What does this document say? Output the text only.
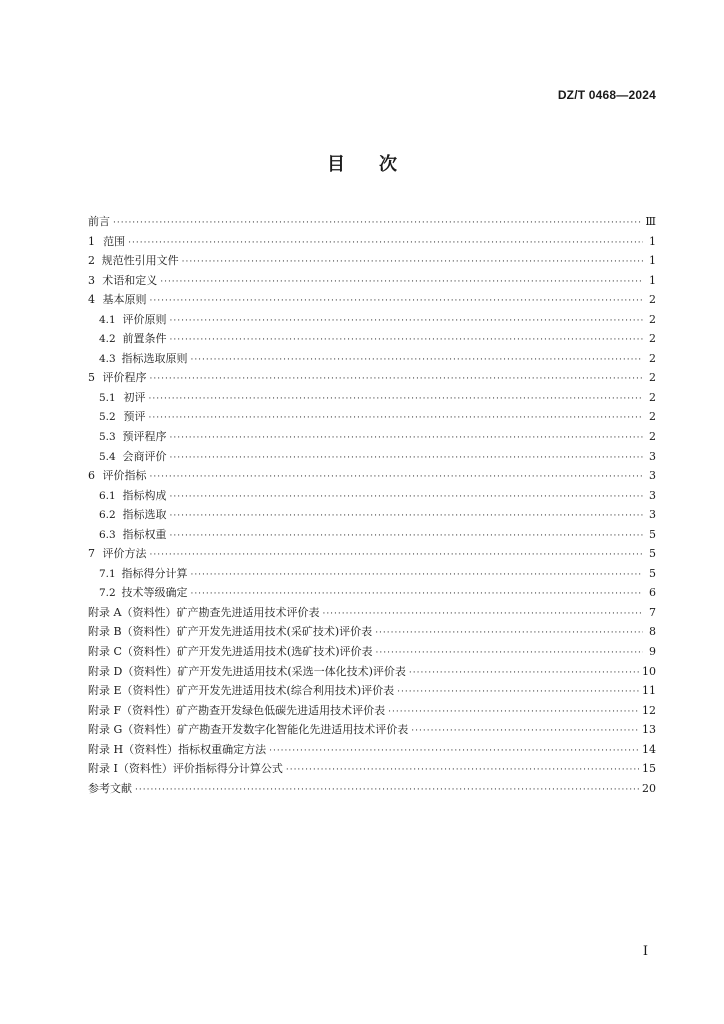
DZ/T 0468—2024
目次
前言 ·····	Ⅲ
1 范围 ·····	1
2 规范性引用文件 ·····	1
3 术语和定义 ·····	1
4 基本原则 ·····	2
4.1 评价原则 ·····	2
4.2 前置条件 ·····	2
4.3 指标选取原则 ·····	2
5 评价程序 ·····	2
5.1 初评 ·····	2
5.2 预评 ·····	2
5.3 预评程序 ·····	2
5.4 会商评价 ·····	3
6 评价指标 ·····	3
6.1 指标构成 ·····	3
6.2 指标选取 ·····	3
6.3 指标权重 ·····	5
7 评价方法 ·····	5
7.1 指标得分计算 ·····	5
7.2 技术等级确定 ·····	6
附录 A（资料性） 矿产勘查先进适用技术评价表 ·····	7
附录 B（资料性） 矿产开发先进适用技术(采矿技术)评价表 ·····	8
附录 C（资料性） 矿产开发先进适用技术(选矿技术)评价表 ·····	9
附录 D（资料性） 矿产开发先进适用技术(采选一体化技术)评价表 ·····	10
附录 E（资料性） 矿产开发先进适用技术(综合利用技术)评价表 ·····	11
附录 F（资料性） 矿产勘查开发绿色低碳先进适用技术评价表 ·····	12
附录 G（资料性） 矿产勘查开发数字化智能化先进适用技术评价表 ·····	13
附录 H（资料性） 指标权重确定方法 ·····	14
附录 I（资料性） 评价指标得分计算公式 ·····	15
参考文献 ·····	20
I
